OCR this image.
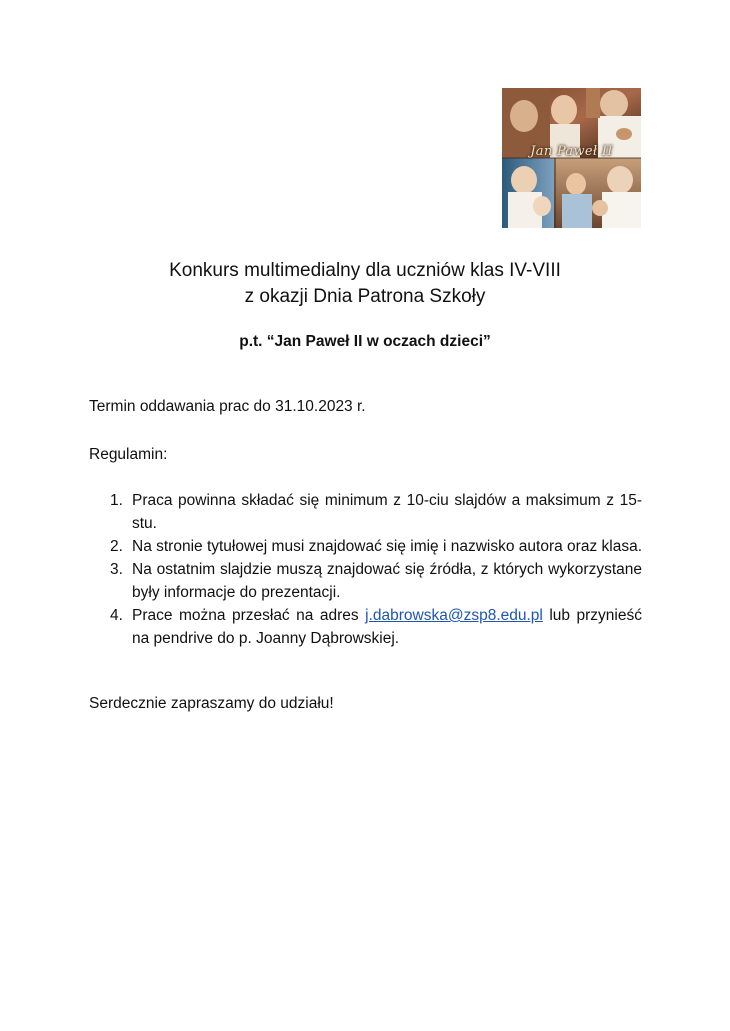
Jan Paweł II
Konkurs multimedialny dla uczniów klas IV-VIII
z okazji Dnia Patrona Szkoły
p.t. “Jan Paweł II w oczach dzieci”
Termin oddawania prac do 31.10.2023 r.
Regulamin:
1. Praca powinna składać się minimum z 10-ciu slajdów a maksimum z 15-stu.
2. Na stronie tytułowej musi znajdować się imię i nazwisko autora oraz klasa.
3. Na ostatnim slajdzie muszą znajdować się źródła, z których wykorzystane były informacje do prezentacji.
4. Prace można przesłać na adres j.dabrowska@zsp8.edu.pl lub przynieść na pendrive do p. Joanny Dąbrowskiej.
Serdecznie zapraszamy do udziału!
